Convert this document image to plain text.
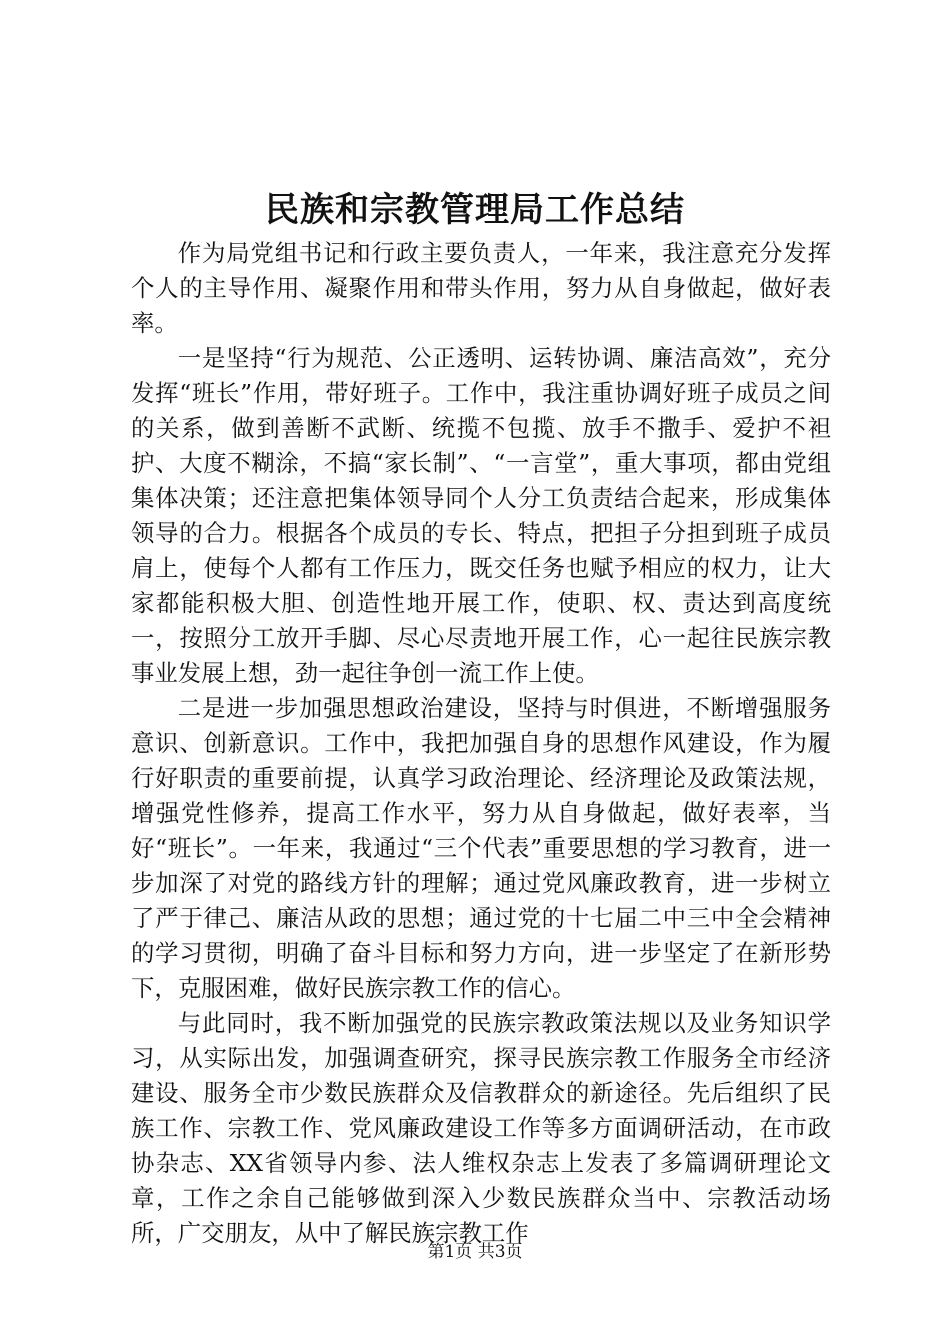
民族和宗教管理局工作总结

作为局党组书记和行政主要负责人，一年来，我注意充分发挥个人的主导作用、凝聚作用和带头作用，努力从自身做起，做好表率。

一是坚持“行为规范、公正透明、运转协调、廉洁高效”，充分发挥“班长”作用，带好班子。工作中，我注重协调好班子成员之间的关系，做到善断不武断、统揽不包揽、放手不撒手、爱护不袒护、大度不糊涂，不搞“家长制”、“一言堂”，重大事项，都由党组集体决策；还注意把集体领导同个人分工负责结合起来，形成集体领导的合力。根据各个成员的专长、特点，把担子分担到班子成员肩上，使每个人都有工作压力，既交任务也赋予相应的权力，让大家都能积极大胆、创造性地开展工作，使职、权、责达到高度统一，按照分工放开手脚、尽心尽责地开展工作，心一起往民族宗教事业发展上想，劲一起往争创一流工作上使。

二是进一步加强思想政治建设，坚持与时俱进，不断增强服务意识、创新意识。工作中，我把加强自身的思想作风建设，作为履行好职责的重要前提，认真学习政治理论、经济理论及政策法规，增强党性修养，提高工作水平，努力从自身做起，做好表率，当好“班长”。一年来，我通过“三个代表”重要思想的学习教育，进一步加深了对党的路线方针的理解；通过党风廉政教育，进一步树立了严于律己、廉洁从政的思想；通过党的十七届二中三中全会精神的学习贯彻，明确了奋斗目标和努力方向，进一步坚定了在新形势下，克服困难，做好民族宗教工作的信心。

与此同时，我不断加强党的民族宗教政策法规以及业务知识学习，从实际出发，加强调查研究，探寻民族宗教工作服务全市经济建设、服务全市少数民族群众及信教群众的新途径。先后组织了民族工作、宗教工作、党风廉政建设工作等多方面调研活动，在市政协杂志、XX省领导内参、法人维权杂志上发表了多篇调研理论文章，工作之余自己能够做到深入少数民族群众当中、宗教活动场所，广交朋友，从中了解民族宗教工作

第1页 共3页
